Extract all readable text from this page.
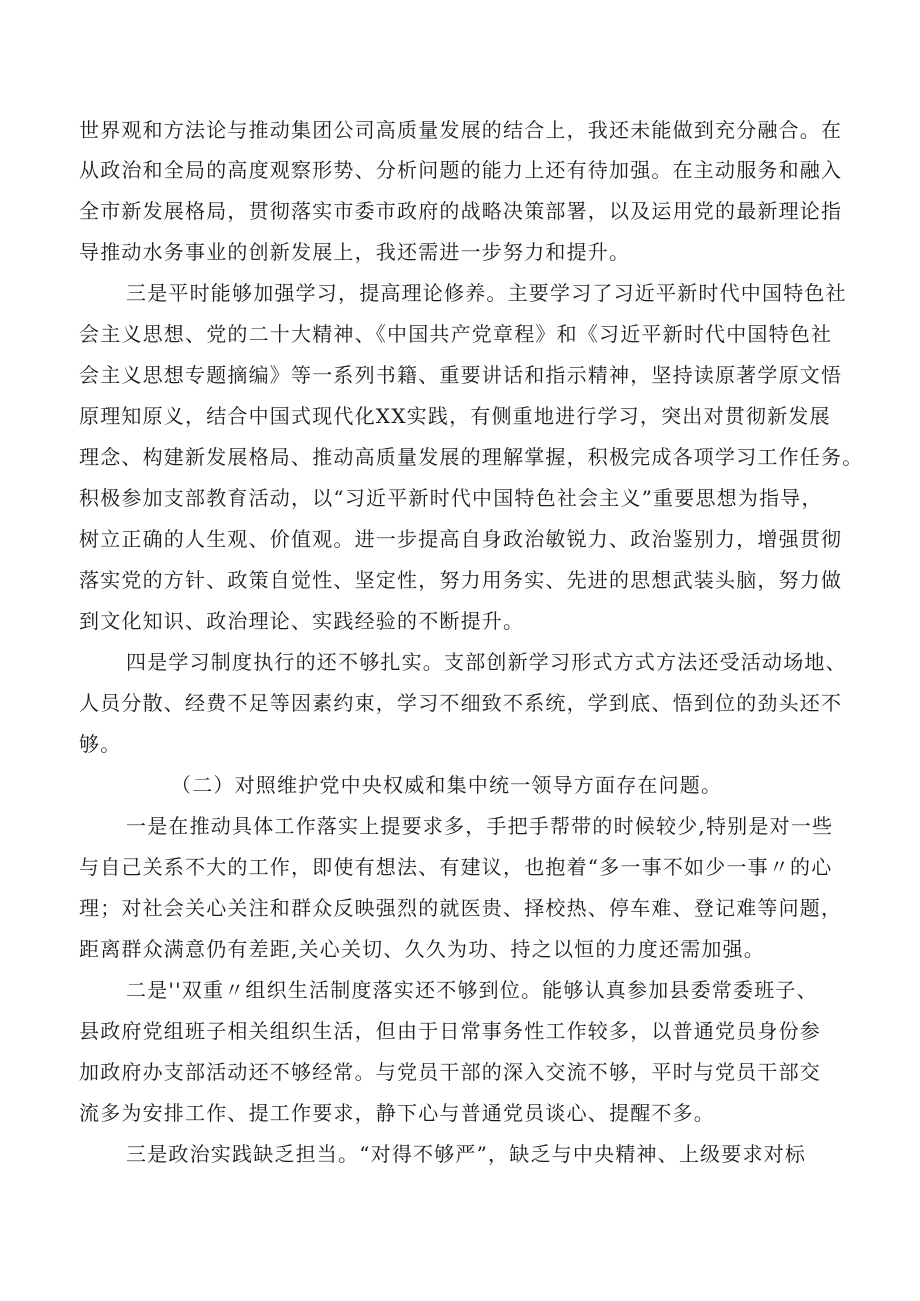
世界观和方法论与推动集团公司高质量发展的结合上，我还未能做到充分融合。在

从政治和全局的高度观察形势、分析问题的能力上还有待加强。在主动服务和融入

全市新发展格局，贯彻落实市委市政府的战略决策部署，以及运用党的最新理论指

导推动水务事业的创新发展上，我还需进一步努力和提升。

三是平时能够加强学习，提高理论修养。主要学习了习近平新时代中国特色社

会主义思想、党的二十大精神、《中国共产党章程》和《习近平新时代中国特色社

会主义思想专题摘编》等一系列书籍、重要讲话和指示精神，坚持读原著学原文悟

原理知原义，结合中国式现代化XX实践，有侧重地进行学习，突出对贯彻新发展

理念、构建新发展格局、推动高质量发展的理解掌握，积极完成各项学习工作任务。

积极参加支部教育活动，以“习近平新时代中国特色社会主义”重要思想为指导，

树立正确的人生观、价值观。进一步提高自身政治敏锐力、政治鉴别力，增强贯彻

落实党的方针、政策自觉性、坚定性，努力用务实、先进的思想武装头脑，努力做

到文化知识、政治理论、实践经验的不断提升。

四是学习制度执行的还不够扎实。支部创新学习形式方式方法还受活动场地、

人员分散、经费不足等因素约束，学习不细致不系统，学到底、悟到位的劲头还不

够。

（二）对照维护党中央权威和集中统一领导方面存在问题。

一是在推动具体工作落实上提要求多，手把手帮带的时候较少,特别是对一些

与自己关系不大的工作，即使有想法、有建议，也抱着“多一事不如少一事〃的心

理；对社会关心关注和群众反映强烈的就医贵、择校热、停车难、登记难等问题，

距离群众满意仍有差距,关心关切、久久为功、持之以恒的力度还需加强。

二是''双重〃组织生活制度落实还不够到位。能够认真参加县委常委班子、

县政府党组班子相关组织生活，但由于日常事务性工作较多，以普通党员身份参

加政府办支部活动还不够经常。与党员干部的深入交流不够，平时与党员干部交

流多为安排工作、提工作要求，静下心与普通党员谈心、提醒不多。

三是政治实践缺乏担当。“对得不够严”，缺乏与中央精神、上级要求对标
